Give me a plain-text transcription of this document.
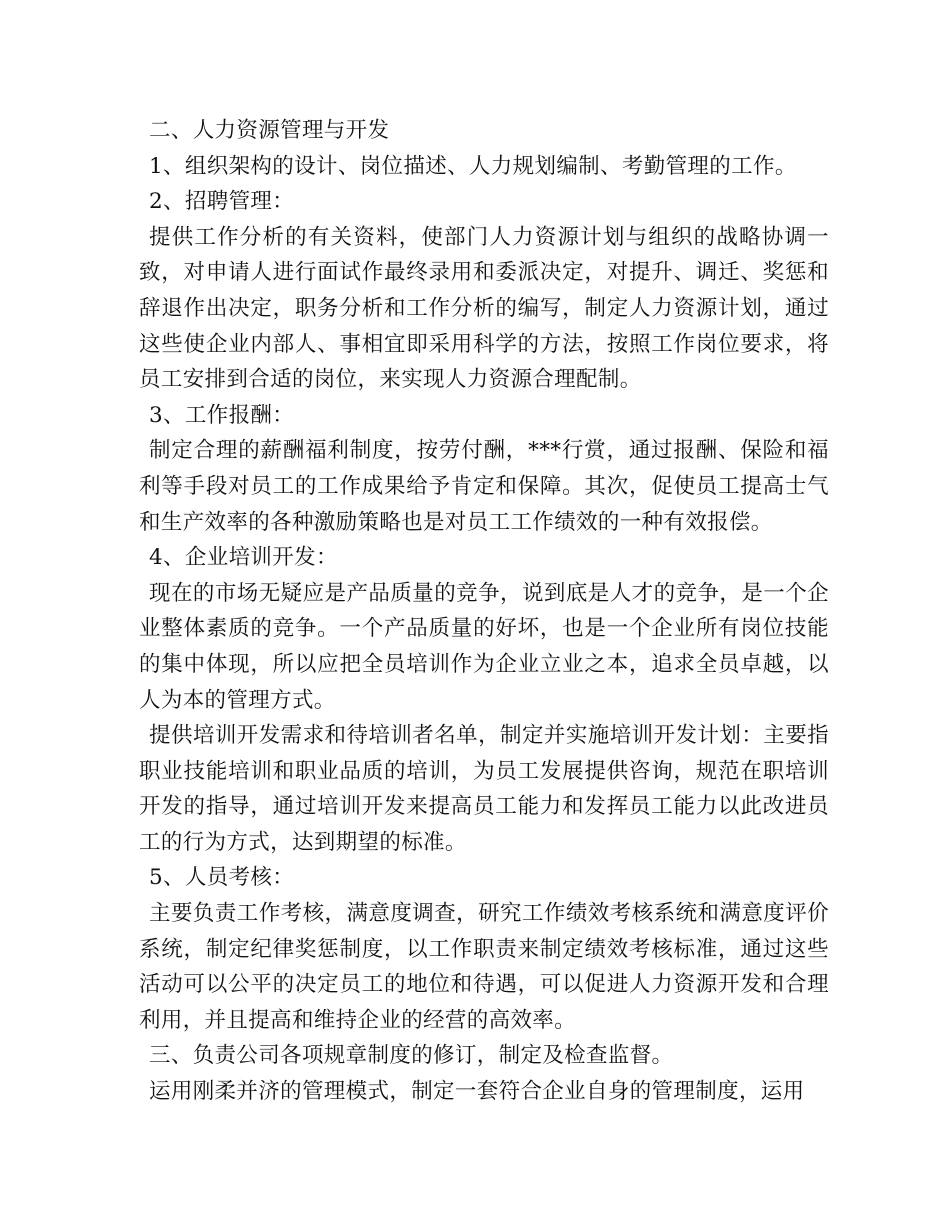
二、人力资源管理与开发

1、组织架构的设计、岗位描述、人力规划编制、考勤管理的工作。

2、招聘管理：

提供工作分析的有关资料，使部门人力资源计划与组织的战略协调一致，对申请人进行面试作最终录用和委派决定，对提升、调迁、奖惩和辞退作出决定，职务分析和工作分析的编写，制定人力资源计划，通过这些使企业内部人、事相宜即采用科学的方法，按照工作岗位要求，将员工安排到合适的岗位，来实现人力资源合理配制。

3、工作报酬：

制定合理的薪酬福利制度，按劳付酬，***行赏，通过报酬、保险和福利等手段对员工的工作成果给予肯定和保障。其次，促使员工提高士气和生产效率的各种激励策略也是对员工工作绩效的一种有效报偿。

4、企业培训开发：

现在的市场无疑应是产品质量的竞争，说到底是人才的竞争，是一个企业整体素质的竞争。一个产品质量的好坏，也是一个企业所有岗位技能的集中体现，所以应把全员培训作为企业立业之本，追求全员卓越，以人为本的管理方式。

提供培训开发需求和待培训者名单，制定并实施培训开发计划：主要指职业技能培训和职业品质的培训，为员工发展提供咨询，规范在职培训开发的指导，通过培训开发来提高员工能力和发挥员工能力以此改进员工的行为方式，达到期望的标准。

5、人员考核：

主要负责工作考核，满意度调查，研究工作绩效考核系统和满意度评价系统，制定纪律奖惩制度，以工作职责来制定绩效考核标准，通过这些活动可以公平的决定员工的地位和待遇，可以促进人力资源开发和合理利用，并且提高和维持企业的经营的高效率。

三、负责公司各项规章制度的修订，制定及检查监督。

运用刚柔并济的管理模式，制定一套符合企业自身的管理制度，运用
